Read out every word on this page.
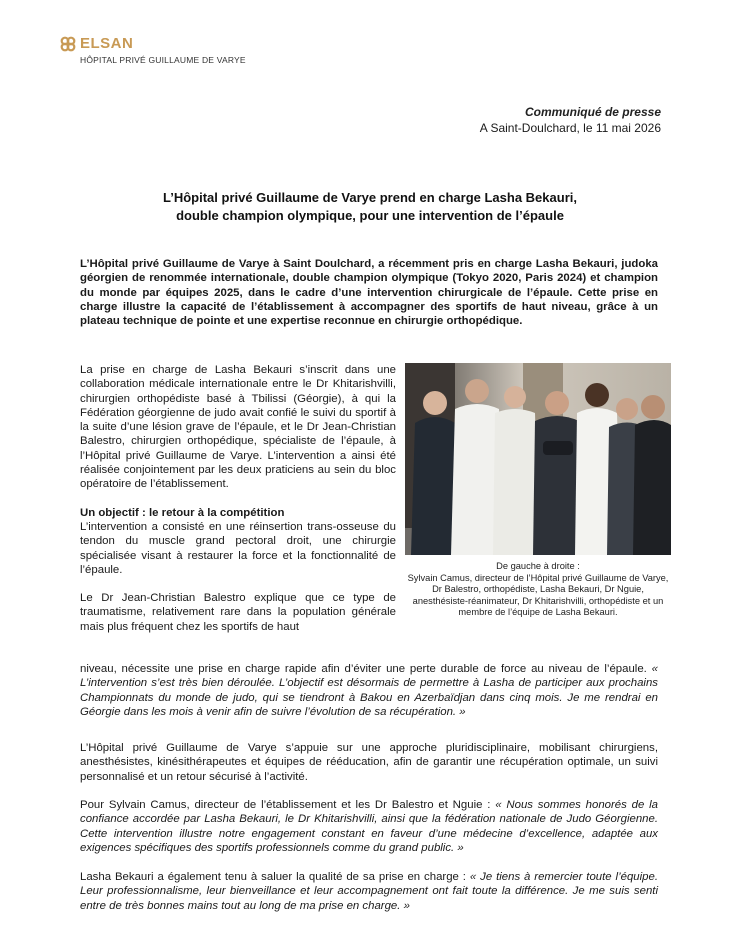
ELSAN
HÔPITAL PRIVÉ GUILLAUME DE VARYE
Communiqué de presse
A Saint-Doulchard, le 11 mai 2026
L’Hôpital privé Guillaume de Varye prend en charge Lasha Bekauri,
double champion olympique, pour une intervention de l’épaule

L’Hôpital privé Guillaume de Varye à Saint Doulchard, a récemment pris en charge Lasha Bekauri, judoka géorgien de renommée internationale, double champion olympique (Tokyo 2020, Paris 2024) et champion du monde par équipes 2025, dans le cadre d’une intervention chirurgicale de l’épaule. Cette prise en charge illustre la capacité de l’établissement à accompagner des sportifs de haut niveau, grâce à un plateau technique de pointe et une expertise reconnue en chirurgie orthopédique.

La prise en charge de Lasha Bekauri s’inscrit dans une collaboration médicale internationale entre le Dr Khitarishvilli, chirurgien orthopédiste basé à Tbilissi (Géorgie), à qui la Fédération géorgienne de judo avait confié le suivi du sportif à la suite d’une lésion grave de l’épaule, et le Dr Jean-Christian Balestro, chirurgien orthopédique, spécialiste de l’épaule, à l’Hôpital privé Guillaume de Varye. L’intervention a ainsi été réalisée conjointement par les deux praticiens au sein du bloc opératoire de l’établissement.

Un objectif : le retour à la compétition

L’intervention a consisté en une réinsertion trans-osseuse du tendon du muscle grand pectoral droit, une chirurgie spécialisée visant à restaurer la force et la fonctionnalité de l’épaule.

Le Dr Jean-Christian Balestro explique que ce type de traumatisme, relativement rare dans la population générale mais plus fréquent chez les sportifs de haut

De gauche à droite :
Sylvain Camus, directeur de l’Hôpital privé Guillaume de Varye, Dr Balestro, orthopédiste, Lasha Bekauri, Dr Nguie, anesthésiste-réanimateur, Dr Khitarishvilli, orthopédiste et un membre de l’équipe de Lasha Bekauri.
niveau, nécessite une prise en charge rapide afin d’éviter une perte durable de force au niveau de l’épaule. « L’intervention s’est très bien déroulée. L’objectif est désormais de permettre à Lasha de participer aux prochains Championnats du monde de judo, qui se tiendront à Bakou en Azerbaïdjan dans cinq mois. Je me rendrai en Géorgie dans les mois à venir afin de suivre l’évolution de sa récupération. »

L’Hôpital privé Guillaume de Varye s’appuie sur une approche pluridisciplinaire, mobilisant chirurgiens, anesthésistes, kinésithérapeutes et équipes de rééducation, afin de garantir une récupération optimale, un suivi personnalisé et un retour sécurisé à l’activité.

Pour Sylvain Camus, directeur de l’établissement et les Dr Balestro et Nguie : « Nous sommes honorés de la confiance accordée par Lasha Bekauri, le Dr Khitarishvilli, ainsi que la fédération nationale de Judo Géorgienne. Cette intervention illustre notre engagement constant en faveur d’une médecine d’excellence, adaptée aux exigences spécifiques des sportifs professionnels comme du grand public. »
Lasha Bekauri a également tenu à saluer la qualité de sa prise en charge : « Je tiens à remercier toute l’équipe. Leur professionnalisme, leur bienveillance et leur accompagnement ont fait toute la différence. Je me suis senti entre de très bonnes mains tout au long de ma prise en charge. »
